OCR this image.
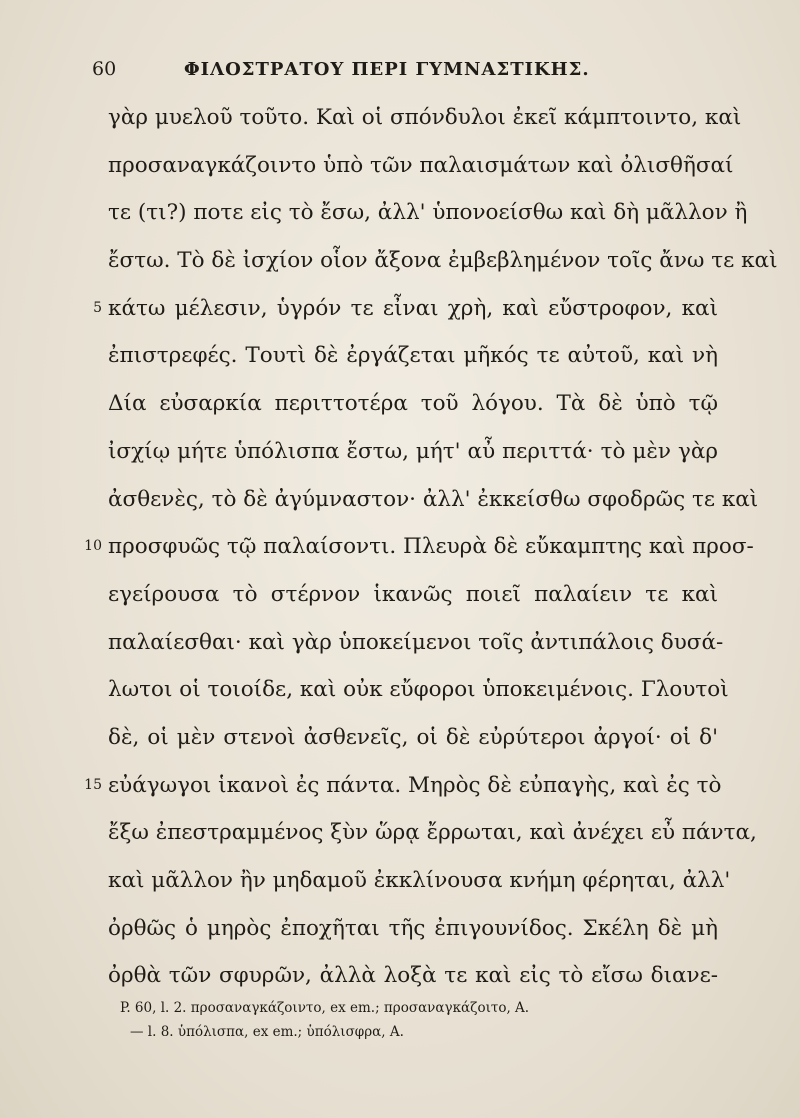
60	ΦΙΛΟΣΤΡΑΤΟΥ ΠΕΡΙ ΓΥΜΝΑΣΤΙΚΗΣ.
γὰρ μυελοῦ τοῦτο. Καὶ οἱ σπόνδυλοι ἐκεῖ κάμπτοιντο, καὶ
προσαναγκάζοιντο ὑπὸ τῶν παλαισμάτων καὶ ὀλισθῆσαί
τε (τι?) ποτε εἰς τὸ ἔσω, ἀλλ' ὑπονοείσθω καὶ δὴ μᾶλλον ἢ
ἔστω. Τὸ δὲ ἰσχίον οἷον ἄξονα ἐμβεβλημένον τοῖς ἄνω τε καὶ
5 κάτω μέλεσιν, ὑγρόν τε εἶναι χρὴ, καὶ εὔστροφον, καὶ
ἐπιστρεφές. Τουτὶ δὲ ἐργάζεται μῆκός τε αὐτοῦ, καὶ νὴ
Δία εὐσαρκία περιττοτέρα τοῦ λόγου. Τὰ δὲ ὑπὸ τῷ
ἰσχίῳ μήτε ὑπόλισπα ἔστω, μήτ' αὖ περιττά· τὸ μὲν γὰρ
ἀσθενὲς, τὸ δὲ ἀγύμναστον· ἀλλ' ἐκκείσθω σφοδρῶς τε καὶ
10 προσφυῶς τῷ παλαίσοντι. Πλευρὰ δὲ εὔκαμπτης καὶ προσ-
εγείρουσα τὸ στέρνον ἱκανῶς ποιεῖ παλαίειν τε καὶ
παλαίεσθαι· καὶ γὰρ ὑποκείμενοι τοῖς ἀντιπάλοις δυσά-
λωτοι οἱ τοιοίδε, καὶ οὐκ εὔφοροι ὑποκειμένοις. Γλουτοὶ
δὲ, οἱ μὲν στενοὶ ἀσθενεῖς, οἱ δὲ εὐρύτεροι ἀργοί· οἱ δ'
15 εὐάγωγοι ἱκανοὶ ἐς πάντα. Μηρὸς δὲ εὐπαγὴς, καὶ ἐς τὸ
ἔξω ἐπεστραμμένος ξὺν ὥρᾳ ἔρρωται, καὶ ἀνέχει εὖ πάντα,
καὶ μᾶλλον ἢν μηδαμοῦ ἐκκλίνουσα κνήμη φέρηται, ἀλλ'
ὀρθῶς ὁ μηρὸς ἐποχῆται τῆς ἐπιγουνίδος. Σκέλη δὲ μὴ
ὀρθὰ τῶν σφυρῶν, ἀλλὰ λοξὰ τε καὶ εἰς τὸ εἴσω διανε-
P. 60, l. 2. προσαναγκάζοιντο, ex em.; προσαναγκάζοιτο, A.
— l. 8. ὑπόλισπα, ex em.; ὑπόλισφρα, A.
